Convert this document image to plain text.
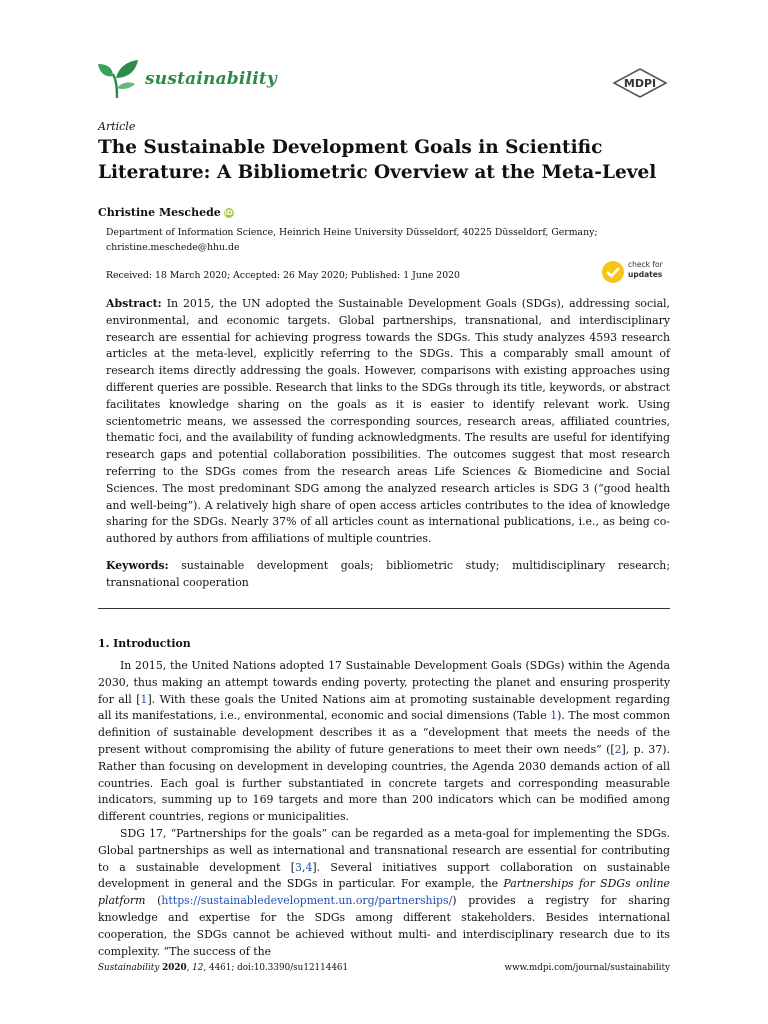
sustainability	MDPI
Article
The Sustainable Development Goals in Scientific Literature: A Bibliometric Overview at the Meta-Level
Christine Meschede iD
Department of Information Science, Heinrich Heine University Düsseldorf, 40225 Düsseldorf, Germany;
christine.meschede@hhu.de
Received: 18 March 2020; Accepted: 26 May 2020; Published: 1 June 2020
check for
updates
Abstract: In 2015, the UN adopted the Sustainable Development Goals (SDGs), addressing social, environmental, and economic targets. Global partnerships, transnational, and interdisciplinary research are essential for achieving progress towards the SDGs. This study analyzes 4593 research articles at the meta-level, explicitly referring to the SDGs. This a comparably small amount of research items directly addressing the goals. However, comparisons with existing approaches using different queries are possible. Research that links to the SDGs through its title, keywords, or abstract facilitates knowledge sharing on the goals as it is easier to identify relevant work. Using scientometric means, we assessed the corresponding sources, research areas, affiliated countries, thematic foci, and the availability of funding acknowledgments. The results are useful for identifying research gaps and potential collaboration possibilities. The outcomes suggest that most research referring to the SDGs comes from the research areas Life Sciences & Biomedicine and Social Sciences. The most predominant SDG among the analyzed research articles is SDG 3 (“good health and well-being”). A relatively high share of open access articles contributes to the idea of knowledge sharing for the SDGs. Nearly 37% of all articles count as international publications, i.e., as being co-authored by authors from affiliations of multiple countries.
Keywords: sustainable development goals; bibliometric study; multidisciplinary research; transnational cooperation
1. Introduction

In 2015, the United Nations adopted 17 Sustainable Development Goals (SDGs) within the Agenda 2030, thus making an attempt towards ending poverty, protecting the planet and ensuring prosperity for all [1]. With these goals the United Nations aim at promoting sustainable development regarding all its manifestations, i.e., environmental, economic and social dimensions (Table 1). The most common definition of sustainable development describes it as a “development that meets the needs of the present without compromising the ability of future generations to meet their own needs” ([2], p. 37). Rather than focusing on development in developing countries, the Agenda 2030 demands action of all countries. Each goal is further substantiated in concrete targets and corresponding measurable indicators, summing up to 169 targets and more than 200 indicators which can be modified among different countries, regions or municipalities.

SDG 17, “Partnerships for the goals” can be regarded as a meta-goal for implementing the SDGs. Global partnerships as well as international and transnational research are essential for contributing to a sustainable development [3,4]. Several initiatives support collaboration on sustainable development in general and the SDGs in particular. For example, the Partnerships for SDGs online platform (https://sustainabledevelopment.un.org/partnerships/) provides a registry for sharing knowledge and expertise for the SDGs among different stakeholders. Besides international cooperation, the SDGs cannot be achieved without multi- and interdisciplinary research due to its complexity. “The success of the

Sustainability 2020, 12, 4461; doi:10.3390/su12114461	www.mdpi.com/journal/sustainability
